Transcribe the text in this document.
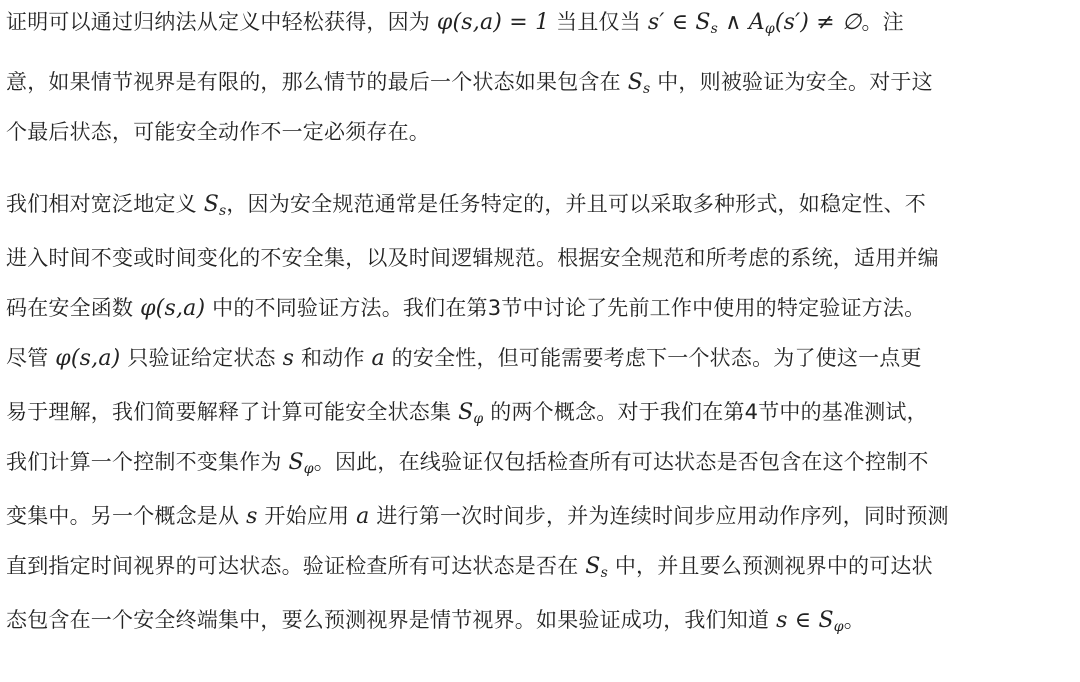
证明可以通过归纳法从定义中轻松获得，因为 φ(s,a) = 1 当且仅当 s′ ∈ $S_s$ ∧ $A_\varphi(s')$ ≠ ∅。注
意，如果情节视界是有限的，那么情节的最后一个状态如果包含在 $S_s$ 中，则被验证为安全。对于这
个最后状态，可能安全动作不一定必须存在。
我们相对宽泛地定义 $S_s$，因为安全规范通常是任务特定的，并且可以采取多种形式，如稳定性、不
进入时间不变或时间变化的不安全集，以及时间逻辑规范。根据安全规范和所考虑的系统，适用并编
码在安全函数 φ(s,a) 中的不同验证方法。我们在第3节中讨论了先前工作中使用的特定验证方法。
尽管 φ(s,a) 只验证给定状态 s 和动作 a 的安全性，但可能需要考虑下一个状态。为了使这一点更
易于理解，我们简要解释了计算可能安全状态集 $S_\varphi$ 的两个概念。对于我们在第4节中的基准测试，
我们计算一个控制不变集作为 $S_\varphi$。因此，在线验证仅包括检查所有可达状态是否包含在这个控制不
变集中。另一个概念是从 s 开始应用 a 进行第一次时间步，并为连续时间步应用动作序列，同时预测
直到指定时间视界的可达状态。验证检查所有可达状态是否在 $S_s$ 中，并且要么预测视界中的可达状
态包含在一个安全终端集中，要么预测视界是情节视界。如果验证成功，我们知道 s ∈ $S_\varphi$。
